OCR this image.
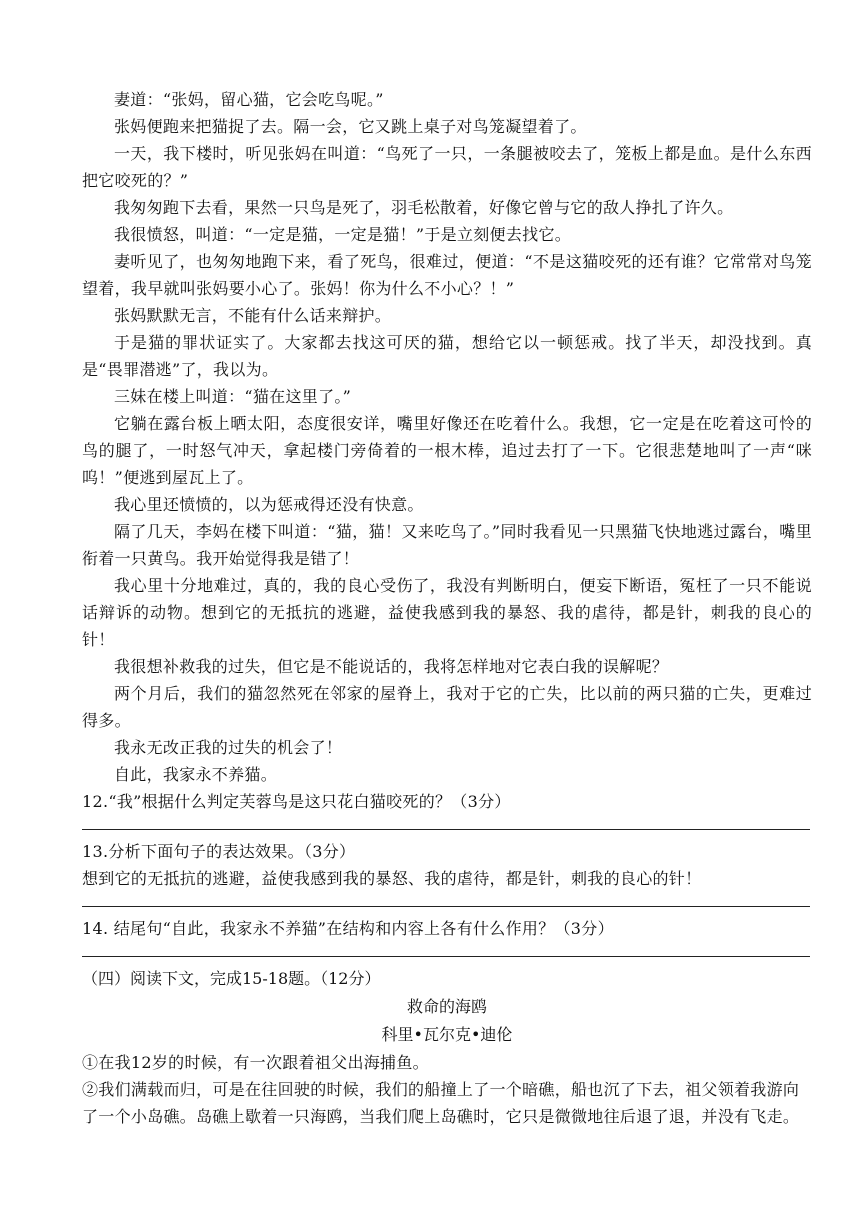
妻道：“张妈，留心猫，它会吃鸟呢。”

张妈便跑来把猫捉了去。隔一会，它又跳上桌子对鸟笼凝望着了。

一天，我下楼时，听见张妈在叫道：“鸟死了一只，一条腿被咬去了，笼板上都是血。是什么东西把它咬死的？”

我匆匆跑下去看，果然一只鸟是死了，羽毛松散着，好像它曾与它的敌人挣扎了许久。

我很愤怒，叫道：“一定是猫，一定是猫！”于是立刻便去找它。

妻听见了，也匆匆地跑下来，看了死鸟，很难过，便道：“不是这猫咬死的还有谁？它常常对鸟笼望着，我早就叫张妈要小心了。张妈！你为什么不小心？！”

张妈默默无言，不能有什么话来辩护。

于是猫的罪状证实了。大家都去找这可厌的猫，想给它以一顿惩戒。找了半天，却没找到。真是“畏罪潜逃”了，我以为。

三妹在楼上叫道：“猫在这里了。”

它躺在露台板上晒太阳，态度很安详，嘴里好像还在吃着什么。我想，它一定是在吃着这可怜的鸟的腿了，一时怒气冲天，拿起楼门旁倚着的一根木棒，追过去打了一下。它很悲楚地叫了一声“咪呜！”便逃到屋瓦上了。

我心里还愤愤的，以为惩戒得还没有快意。

隔了几天，李妈在楼下叫道：“猫，猫！又来吃鸟了。”同时我看见一只黑猫飞快地逃过露台，嘴里衔着一只黄鸟。我开始觉得我是错了！

我心里十分地难过，真的，我的良心受伤了，我没有判断明白，便妄下断语，冤枉了一只不能说话辩诉的动物。想到它的无抵抗的逃避，益使我感到我的暴怒、我的虐待，都是针，刺我的良心的针！

我很想补救我的过失，但它是不能说话的，我将怎样地对它表白我的误解呢？

两个月后，我们的猫忽然死在邻家的屋脊上，我对于它的亡失，比以前的两只猫的亡失，更难过得多。

我永无改正我的过失的机会了！

自此，我家永不养猫。

12.“我”根据什么判定芙蓉鸟是这只花白猫咬死的？（3分）

13.分析下面句子的表达效果。（3分）

想到它的无抵抗的逃避，益使我感到我的暴怒、我的虐待，都是针，刺我的良心的针！

14. 结尾句“自此，我家永不养猫”在结构和内容上各有什么作用？（3分）

（四）阅读下文，完成15-18题。（12分）

救命的海鸥

科里•瓦尔克•迪伦

①在我12岁的时候，有一次跟着祖父出海捕鱼。

②我们满载而归，可是在往回驶的时候，我们的船撞上了一个暗礁，船也沉了下去，祖父领着我游向了一个小岛礁。岛礁上歇着一只海鸥，当我们爬上岛礁时，它只是微微地往后退了退，并没有飞走。
